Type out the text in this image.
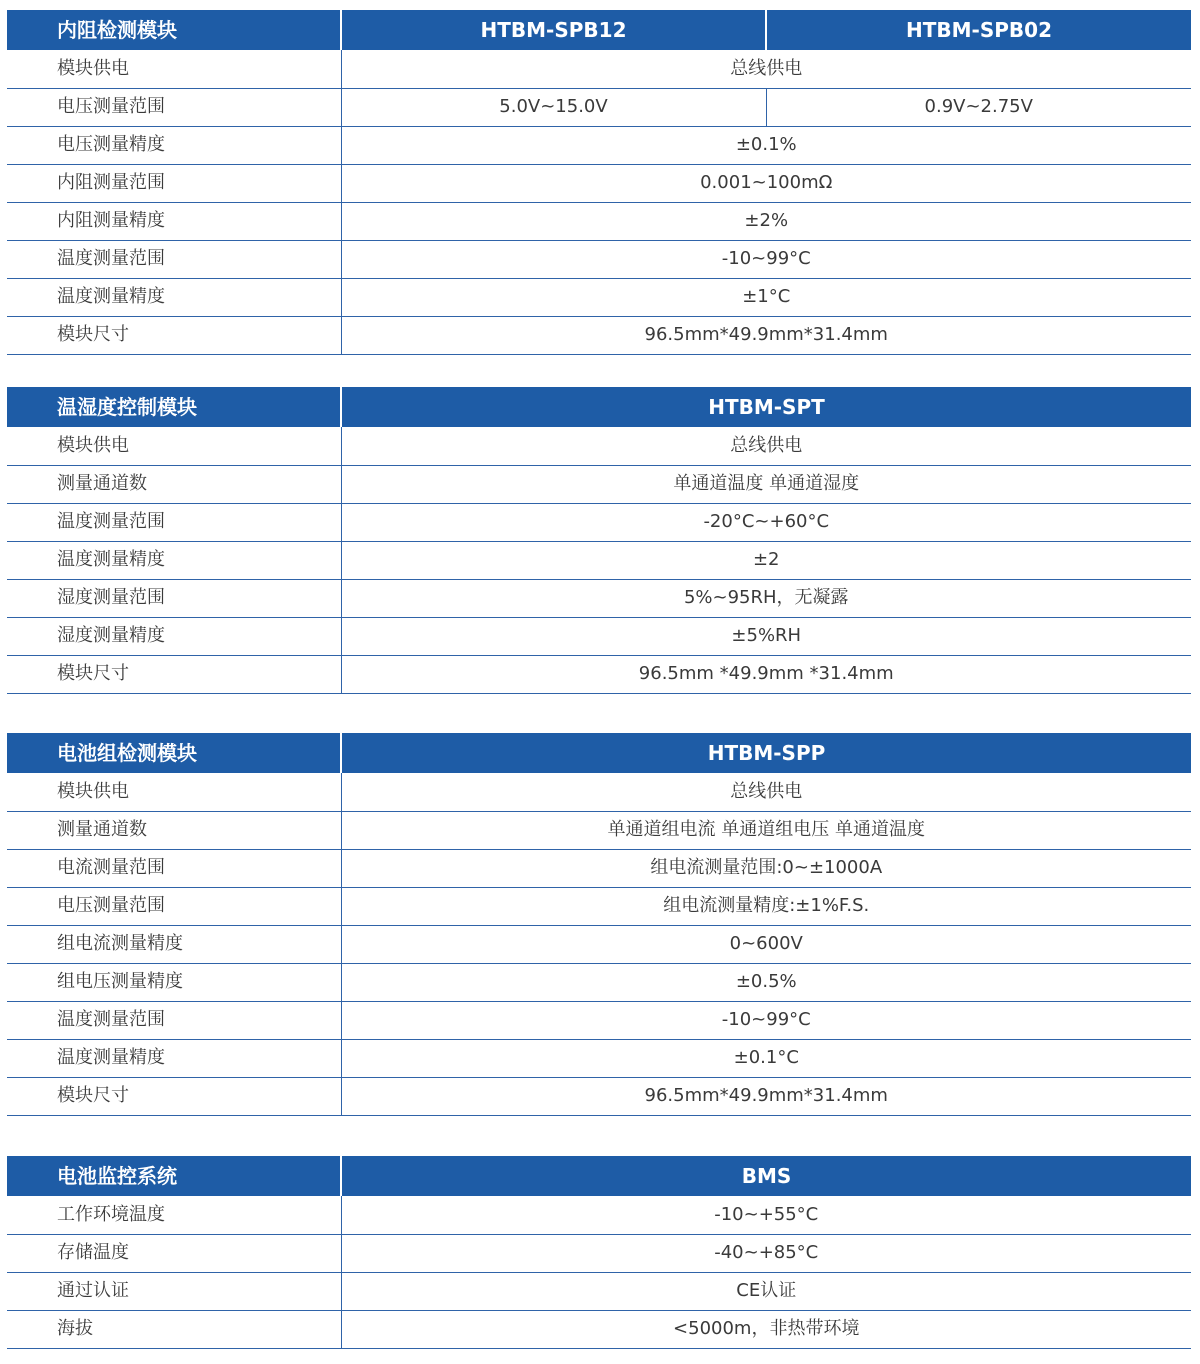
内阻检测模块	HTBM-SPB12	HTBM-SPB02
模块供电	总线供电	
电压测量范围	5.0V~15.0V	0.9V~2.75V
电压测量精度	±0.1%	
内阻测量范围	0.001~100mΩ	
内阻测量精度	±2%	
温度测量范围	-10~99°C	
温度测量精度	±1°C	
模块尺寸	96.5mm*49.9mm*31.4mm	
温湿度控制模块	HTBM-SPT
模块供电	总线供电
测量通道数	单通道温度 单通道湿度
温度测量范围	-20°C~+60°C
温度测量精度	±2
湿度测量范围	5%~95RH，无凝露
湿度测量精度	±5%RH
模块尺寸	96.5mm *49.9mm *31.4mm
电池组检测模块	HTBM-SPP
模块供电	总线供电
测量通道数	单通道组电流 单通道组电压 单通道温度
电流测量范围	组电流测量范围:0~±1000A
电压测量范围	组电流测量精度:±1%F.S.
组电流测量精度	0~600V
组电压测量精度	±0.5%
温度测量范围	-10~99°C
温度测量精度	±0.1°C
模块尺寸	96.5mm*49.9mm*31.4mm
电池监控系统	BMS
工作环境温度	-10~+55°C
存储温度	-40~+85°C
通过认证	CE认证
海拔	<5000m，非热带环境
